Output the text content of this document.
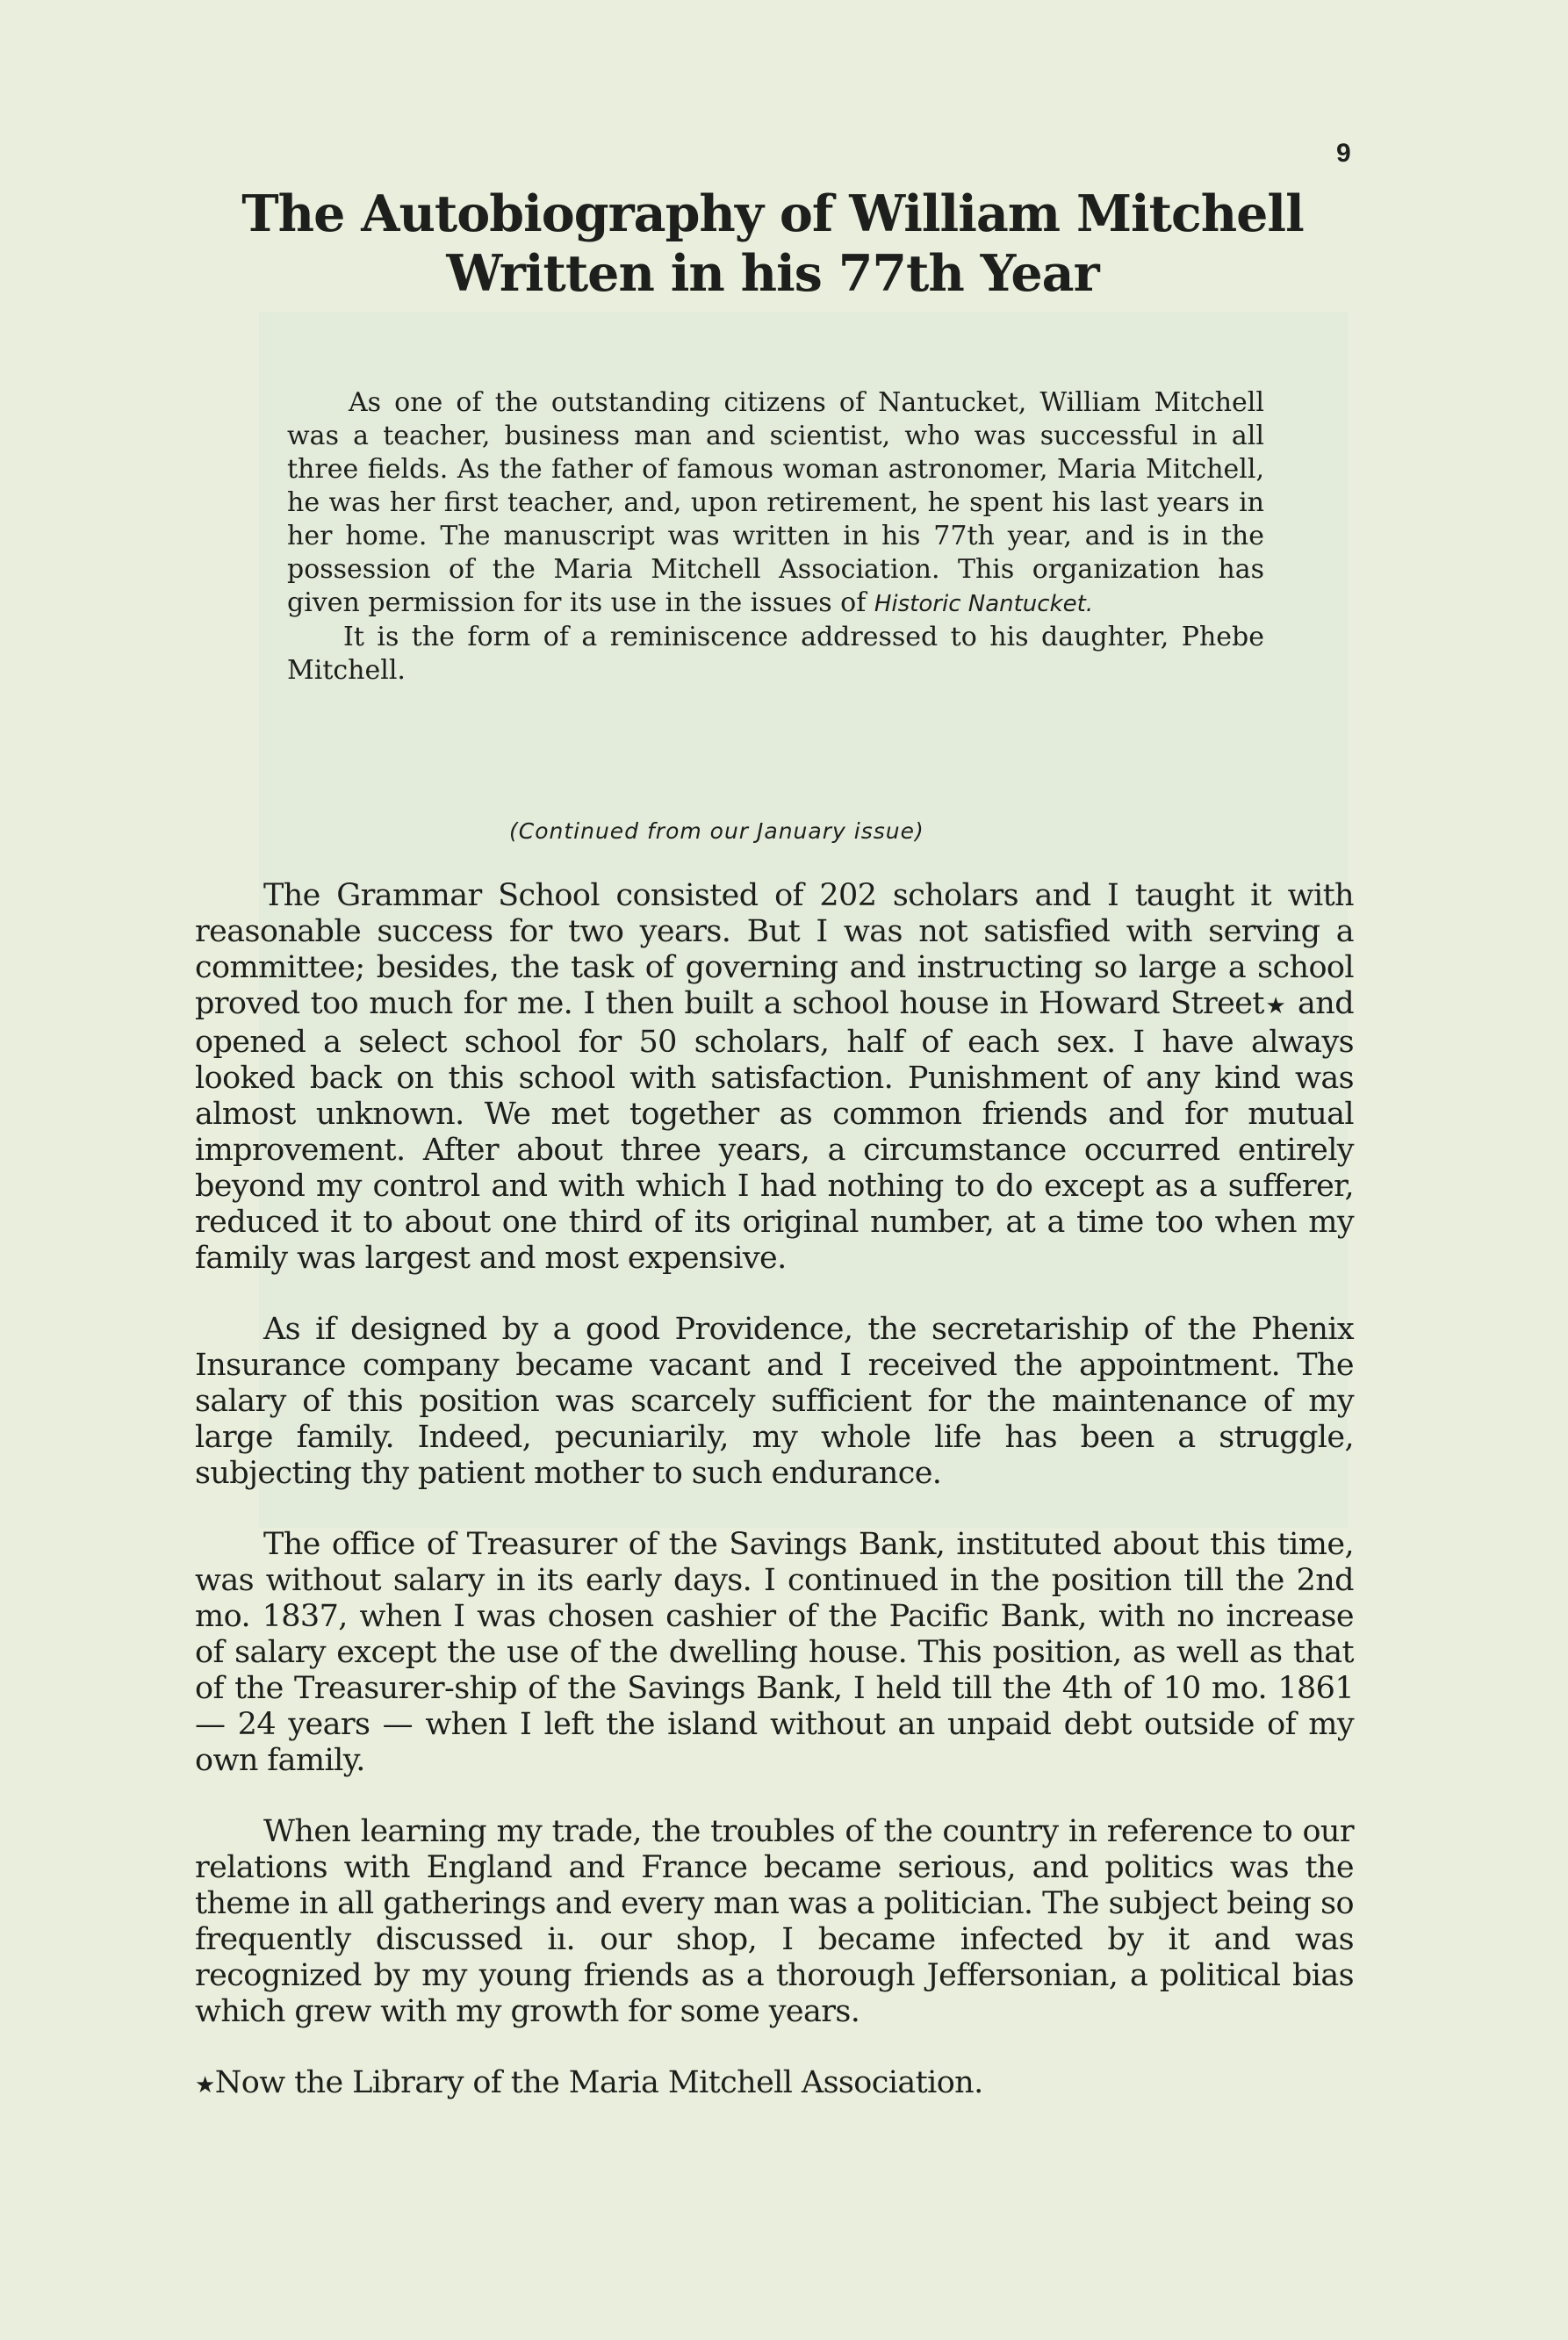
9
The Autobiography of William Mitchell
Written in his 77th Year

As one of the outstanding citizens of Nantucket, William Mitchell was a teacher, business man and scientist, who was successful in all three fields. As the father of famous woman astronomer, Maria Mitchell, he was her first teacher, and, upon retirement, he spent his last years in her home. The manuscript was written in his 77th year, and is in the possession of the Maria Mitchell Association. This organization has given permission for its use in the issues of Historic Nantucket.

It is the form of a reminiscence addressed to his daughter, Phebe Mitchell.

(Continued from our January issue)

The Grammar School consisted of 202 scholars and I taught it with reasonable success for two years. But I was not satisfied with serving a committee; besides, the task of governing and instructing so large a school proved too much for me. I then built a school house in Howard Street★ and opened a select school for 50 scholars, half of each sex. I have always looked back on this school with satisfaction. Punishment of any kind was almost unknown. We met together as common friends and for mutual improvement. After about three years, a circumstance occurred entirely beyond my control and with which I had nothing to do except as a sufferer, reduced it to about one third of its original number, at a time too when my family was largest and most expensive.

As if designed by a good Providence, the secretariship of the Phenix Insurance company became vacant and I received the appointment. The salary of this position was scarcely sufficient for the maintenance of my large family. Indeed, pecuniarily, my whole life has been a struggle, subjecting thy patient mother to such endurance.

The office of Treasurer of the Savings Bank, instituted about this time, was without salary in its early days. I continued in the position till the 2nd mo. 1837, when I was chosen cashier of the Pacific Bank, with no increase of salary except the use of the dwelling house. This position, as well as that of the Treasurer-ship of the Savings Bank, I held till the 4th of 10 mo. 1861 — 24 years — when I left the island without an unpaid debt outside of my own family.

When learning my trade, the troubles of the country in reference to our relations with England and France became serious, and politics was the theme in all gatherings and every man was a politician. The subject being so frequently discussed iı. our shop, I became infected by it and was recognized by my young friends as a thorough Jeffersonian, a political bias which grew with my growth for some years.

★Now the Library of the Maria Mitchell Association.
